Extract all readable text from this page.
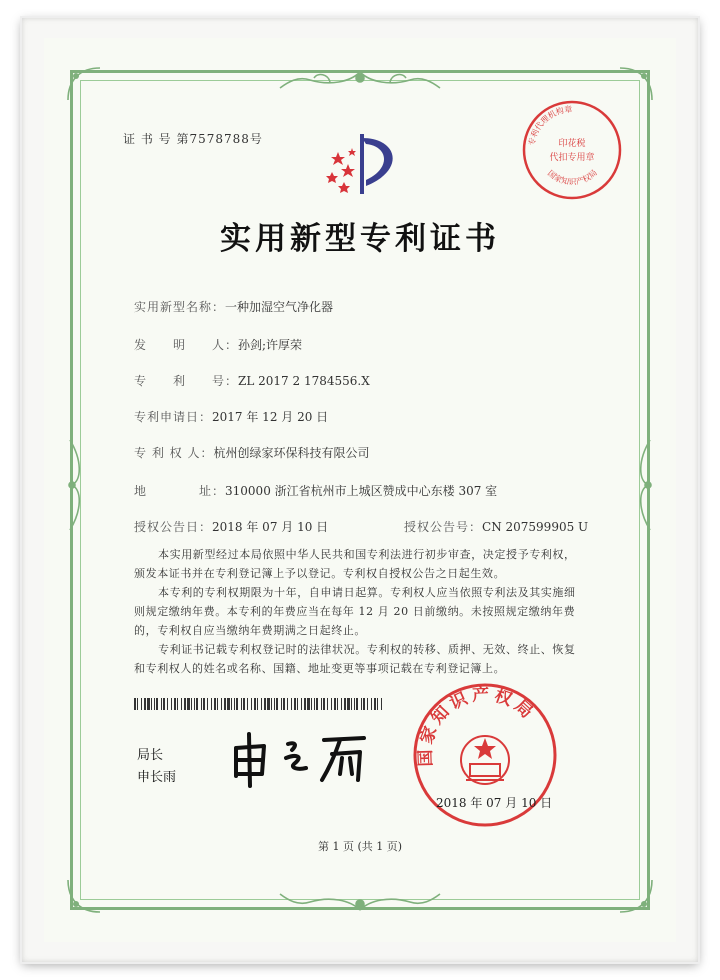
证 书 号 第7578788号	专利代理机构章
印花税
代扣专用章
国家知识产权局
实用新型专利证书
实用新型名称：一种加湿空气净化器
发　　明　　人：孙剑;许厚荣
专　　利　　号：ZL 2017 2 1784556.X
专利申请日：2017 年 12 月 20 日
专 利 权 人：杭州创绿家环保科技有限公司
地　　　　址：310000 浙江省杭州市上城区赞成中心东楼 307 室
授权公告日：2018 年 07 月 10 日	授权公告号：CN 207599905 U
本实用新型经过本局依照中华人民共和国专利法进行初步审查，决定授予专利权，颁发本证书并在专利登记簿上予以登记。专利权自授权公告之日起生效。
本专利的专利权期限为十年，自申请日起算。专利权人应当依照专利法及其实施细则规定缴纳年费。本专利的年费应当在每年 12 月 20 日前缴纳。未按照规定缴纳年费的，专利权自应当缴纳年费期满之日起终止。
专利证书记载专利权登记时的法律状况。专利权的转移、质押、无效、终止、恢复和专利权人的姓名或名称、国籍、地址变更等事项记载在专利登记簿上。
局长
申长雨
国家知识产权局
2018 年 07 月 10 日
第 1 页 (共 1 页)
